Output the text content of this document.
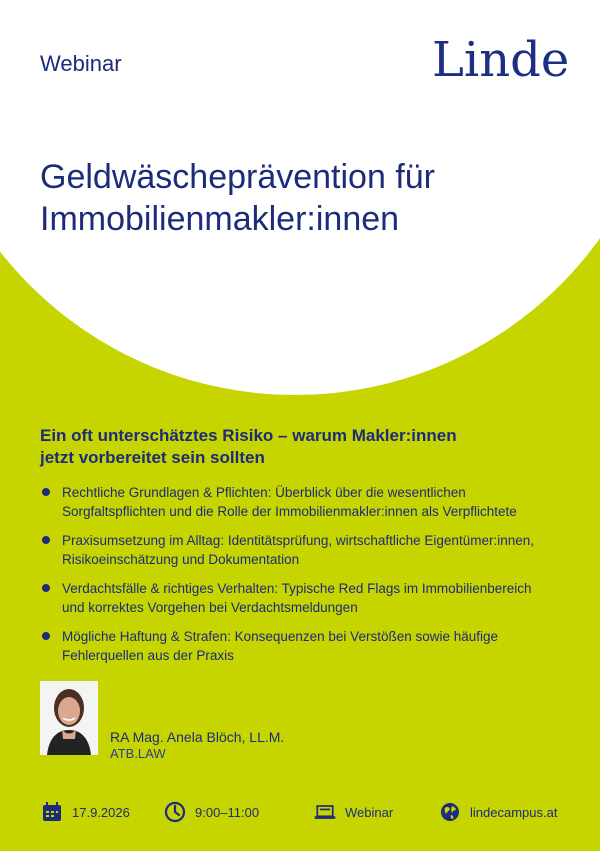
Webinar	Linde
Geldwäscheprävention für
Immobilienmakler:innen
Ein oft unterschätztes Risiko – warum Makler:innen
jetzt vorbereitet sein sollten
Rechtliche Grundlagen & Pflichten: Überblick über die wesentlichen
Sorgfaltspflichten und die Rolle der Immobilienmakler:innen als Verpflichtete
Praxisumsetzung im Alltag: Identitätsprüfung, wirtschaftliche Eigentümer:innen,
Risikoeinschätzung und Dokumentation
Verdachtsfälle & richtiges Verhalten: Typische Red Flags im Immobilienbereich
und korrektes Vorgehen bei Verdachtsmeldungen
Mögliche Haftung & Strafen: Konsequenzen bei Verstößen sowie häufige
Fehlerquellen aus der Praxis
RA Mag. Anela Blöch, LL.M.
ATB.LAW
17.9.2026	9:00–11:00	Webinar	lindecampus.at
